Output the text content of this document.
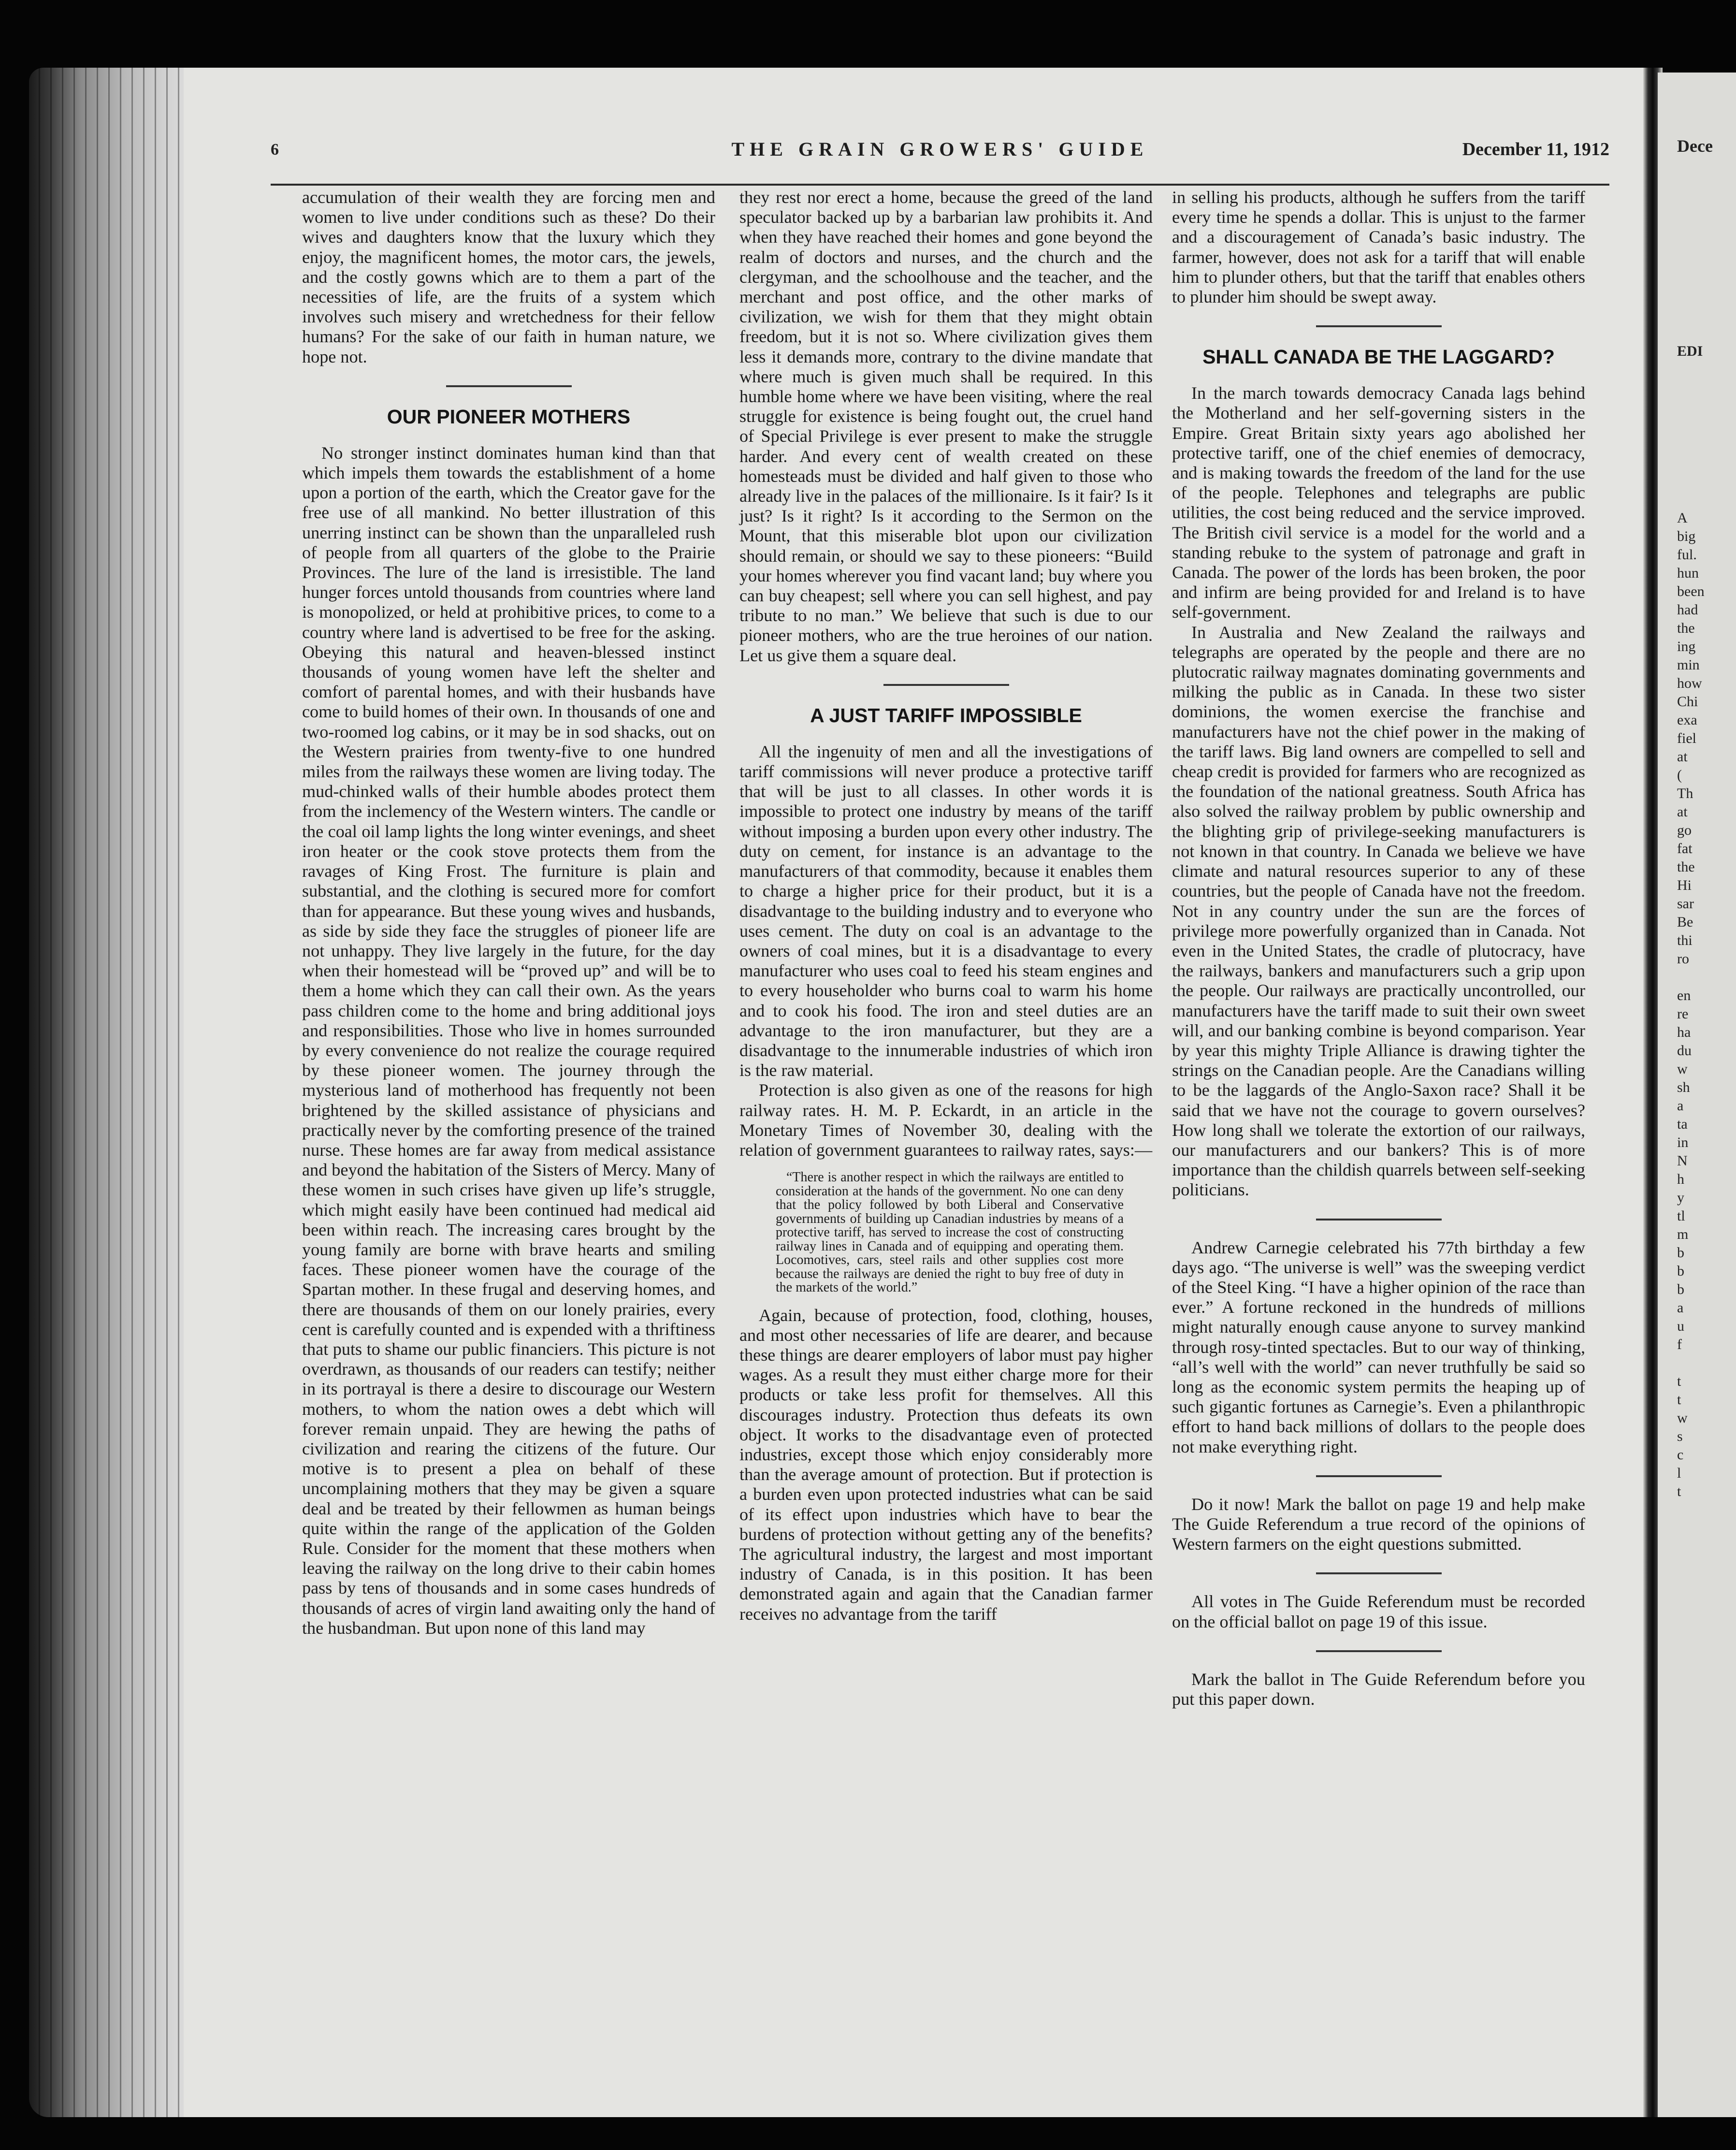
Dece
EDI
A
big
ful.
hun
been
had
the
ing
min
how
Chi
exa
fiel
at
(
Th
at
go
fat
the
Hi
sar
Be
thi
ro
en
re
ha
du
w
sh
a
ta
in
N
h
y
tl
m
b
b
b
a
u
f
t
t
w
s
c
l
t
6	THE GRAIN GROWERS' GUIDE	December 11, 1912

accumulation of their wealth they are forcing men and women to live under conditions such as these? Do their wives and daughters know that the luxury which they enjoy, the magnificent homes, the motor cars, the jewels, and the costly gowns which are to them a part of the necessities of life, are the fruits of a system which involves such misery and wretchedness for their fellow humans? For the sake of our faith in human nature, we hope not.

OUR PIONEER MOTHERS

No stronger instinct dominates human kind than that which impels them towards the establishment of a home upon a portion of the earth, which the Creator gave for the free use of all mankind. No better illustration of this unerring instinct can be shown than the unparalleled rush of people from all quarters of the globe to the Prairie Provinces. The lure of the land is irresistible. The land hunger forces untold thousands from countries where land is monopolized, or held at prohibitive prices, to come to a country where land is advertised to be free for the asking. Obeying this natural and heaven-blessed instinct thousands of young women have left the shelter and comfort of parental homes, and with their husbands have come to build homes of their own. In thousands of one and two-roomed log cabins, or it may be in sod shacks, out on the Western prairies from twenty-five to one hundred miles from the railways these women are living today. The mud-chinked walls of their humble abodes protect them from the inclemency of the Western winters. The candle or the coal oil lamp lights the long winter evenings, and sheet iron heater or the cook stove protects them from the ravages of King Frost. The furniture is plain and substantial, and the clothing is secured more for comfort than for appearance. But these young wives and husbands, as side by side they face the struggles of pioneer life are not unhappy. They live largely in the future, for the day when their homestead will be “proved up” and will be to them a home which they can call their own. As the years pass children come to the home and bring additional joys and responsibilities. Those who live in homes surrounded by every convenience do not realize the courage required by these pioneer women. The journey through the mysterious land of motherhood has frequently not been brightened by the skilled assistance of physicians and practically never by the comforting presence of the trained nurse. These homes are far away from medical assistance and beyond the habitation of the Sisters of Mercy. Many of these women in such crises have given up life’s struggle, which might easily have been continued had medical aid been within reach. The increasing cares brought by the young family are borne with brave hearts and smiling faces. These pioneer women have the courage of the Spartan mother. In these frugal and deserving homes, and there are thousands of them on our lonely prairies, every cent is carefully counted and is expended with a thriftiness that puts to shame our public financiers. This picture is not overdrawn, as thousands of our readers can testify; neither in its portrayal is there a desire to discourage our Western mothers, to whom the nation owes a debt which will forever remain unpaid. They are hewing the paths of civilization and rearing the citizens of the future. Our motive is to present a plea on behalf of these uncomplaining mothers that they may be given a square deal and be treated by their fellowmen as human beings quite within the range of the application of the Golden Rule. Consider for the moment that these mothers when leaving the railway on the long drive to their cabin homes pass by tens of thousands and in some cases hundreds of thousands of acres of virgin land awaiting only the hand of the husbandman. But upon none of this land may

they rest nor erect a home, because the greed of the land speculator backed up by a barbarian law prohibits it. And when they have reached their homes and gone beyond the realm of doctors and nurses, and the church and the clergyman, and the schoolhouse and the teacher, and the merchant and post office, and the other marks of civilization, we wish for them that they might obtain freedom, but it is not so. Where civilization gives them less it demands more, contrary to the divine mandate that where much is given much shall be required. In this humble home where we have been visiting, where the real struggle for existence is being fought out, the cruel hand of Special Privilege is ever present to make the struggle harder. And every cent of wealth created on these homesteads must be divided and half given to those who already live in the palaces of the millionaire. Is it fair? Is it just? Is it right? Is it according to the Sermon on the Mount, that this miserable blot upon our civilization should remain, or should we say to these pioneers: “Build your homes wherever you find vacant land; buy where you can buy cheapest; sell where you can sell highest, and pay tribute to no man.” We believe that such is due to our pioneer mothers, who are the true heroines of our nation. Let us give them a square deal.

A JUST TARIFF IMPOSSIBLE

All the ingenuity of men and all the investigations of tariff commissions will never produce a protective tariff that will be just to all classes. In other words it is impossible to protect one industry by means of the tariff without imposing a burden upon every other industry. The duty on cement, for instance is an advantage to the manufacturers of that commodity, because it enables them to charge a higher price for their product, but it is a disadvantage to the building industry and to everyone who uses cement. The duty on coal is an advantage to the owners of coal mines, but it is a disadvantage to every manufacturer who uses coal to feed his steam engines and to every householder who burns coal to warm his home and to cook his food. The iron and steel duties are an advantage to the iron manufacturer, but they are a disadvantage to the innumerable industries of which iron is the raw material.

Protection is also given as one of the reasons for high railway rates. H. M. P. Eckardt, in an article in the Monetary Times of November 30, dealing with the relation of government guarantees to railway rates, says:—

“There is another respect in which the railways are entitled to consideration at the hands of the government. No one can deny that the policy followed by both Liberal and Conservative governments of building up Canadian industries by means of a protective tariff, has served to increase the cost of constructing railway lines in Canada and of equipping and operating them. Locomotives, cars, steel rails and other supplies cost more because the railways are denied the right to buy free of duty in the markets of the world.”

Again, because of protection, food, clothing, houses, and most other necessaries of life are dearer, and because these things are dearer employers of labor must pay higher wages. As a result they must either charge more for their products or take less profit for themselves. All this discourages industry. Protection thus defeats its own object. It works to the disadvantage even of protected industries, except those which enjoy considerably more than the average amount of protection. But if protection is a burden even upon protected industries what can be said of its effect upon industries which have to bear the burdens of protection without getting any of the benefits? The agricultural industry, the largest and most important industry of Canada, is in this position. It has been demonstrated again and again that the Canadian farmer receives no advantage from the tariff

in selling his products, although he suffers from the tariff every time he spends a dollar. This is unjust to the farmer and a discouragement of Canada’s basic industry. The farmer, however, does not ask for a tariff that will enable him to plunder others, but that the tariff that enables others to plunder him should be swept away.

SHALL CANADA BE THE LAGGARD?

In the march towards democracy Canada lags behind the Motherland and her self-governing sisters in the Empire. Great Britain sixty years ago abolished her protective tariff, one of the chief enemies of democracy, and is making towards the freedom of the land for the use of the people. Telephones and telegraphs are public utilities, the cost being reduced and the service improved. The British civil service is a model for the world and a standing rebuke to the system of patronage and graft in Canada. The power of the lords has been broken, the poor and infirm are being provided for and Ireland is to have self-government.

In Australia and New Zealand the railways and telegraphs are operated by the people and there are no plutocratic railway magnates dominating governments and milking the public as in Canada. In these two sister dominions, the women exercise the franchise and manufacturers have not the chief power in the making of the tariff laws. Big land owners are compelled to sell and cheap credit is provided for farmers who are recognized as the foundation of the national greatness. South Africa has also solved the railway problem by public ownership and the blighting grip of privilege-seeking manufacturers is not known in that country. In Canada we believe we have climate and natural resources superior to any of these countries, but the people of Canada have not the freedom. Not in any country under the sun are the forces of privilege more powerfully organized than in Canada. Not even in the United States, the cradle of plutocracy, have the railways, bankers and manufacturers such a grip upon the people. Our railways are practically uncontrolled, our manufacturers have the tariff made to suit their own sweet will, and our banking combine is beyond comparison. Year by year this mighty Triple Alliance is drawing tighter the strings on the Canadian people. Are the Canadians willing to be the laggards of the Anglo-Saxon race? Shall it be said that we have not the courage to govern ourselves? How long shall we tolerate the extortion of our railways, our manufacturers and our bankers? This is of more importance than the childish quarrels between self-seeking politicians.

Andrew Carnegie celebrated his 77th birthday a few days ago. “The universe is well” was the sweeping verdict of the Steel King. “I have a higher opinion of the race than ever.” A fortune reckoned in the hundreds of millions might naturally enough cause anyone to survey mankind through rosy-tinted spectacles. But to our way of thinking, “all’s well with the world” can never truthfully be said so long as the economic system permits the heaping up of such gigantic fortunes as Carnegie’s. Even a philanthropic effort to hand back millions of dollars to the people does not make everything right.

Do it now! Mark the ballot on page 19 and help make The Guide Referendum a true record of the opinions of Western farmers on the eight questions submitted.

All votes in The Guide Referendum must be recorded on the official ballot on page 19 of this issue.

Mark the ballot in The Guide Referendum before you put this paper down.
